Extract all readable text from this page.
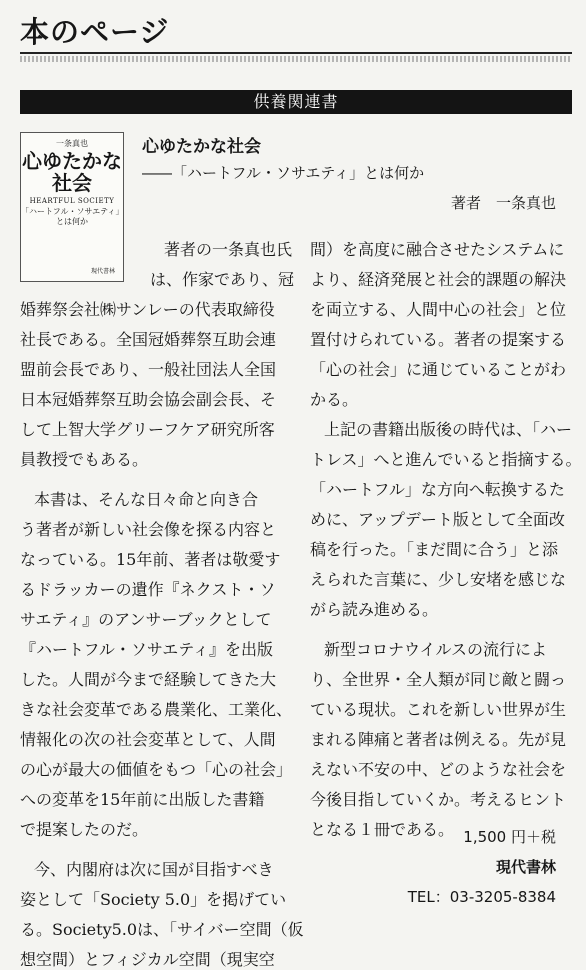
本のページ
供養関連書
一条真也
心ゆたかな
社会
HEARTFUL SOCIETY
「ハートフル・ソサエティ」
とは何か
現代書林
心ゆたかな社会
――「ハートフル・ソサエティ」とは何か
著者　一条真也
著者の一条真也氏
は、作家であり、冠
婚葬祭会社㈱サンレーの代表取締役
社長である。全国冠婚葬祭互助会連
盟前会長であり、一般社団法人全国
日本冠婚葬祭互助会協会副会長、そ
して上智大学グリーフケア研究所客
員教授でもある。
本書は、そんな日々命と向き合
う著者が新しい社会像を探る内容と
なっている。15年前、著者は敬愛す
るドラッカーの遺作『ネクスト・ソ
サエティ』のアンサーブックとして
『ハートフル・ソサエティ』を出版
した。人間が今まで経験してきた大
きな社会変革である農業化、工業化、
情報化の次の社会変革として、人間
の心が最大の価値をもつ「心の社会」
への変革を15年前に出版した書籍
で提案したのだ。
今、内閣府は次に国が目指すべき
姿として「Society 5.0」を掲げてい
る。Society5.0は、「サイバー空間（仮
想空間）とフィジカル空間（現実空
間）を高度に融合させたシステムに
より、経済発展と社会的課題の解決
を両立する、人間中心の社会」と位
置付けられている。著者の提案する
「心の社会」に通じていることがわ
かる。
上記の書籍出版後の時代は、「ハー
トレス」へと進んでいると指摘する。
「ハートフル」な方向へ転換するた
めに、アップデート版として全面改
稿を行った。「まだ間に合う」と添
えられた言葉に、少し安堵を感じな
がら読み進める。
新型コロナウイルスの流行によ
り、全世界・全人類が同じ敵と闘っ
ている現状。これを新しい世界が生
まれる陣痛と著者は例える。先が見
えない不安の中、どのような社会を
今後目指していくか。考えるヒント
となる１冊である。 1,500 円＋税
現代書林
TEL：03-3205-8384
